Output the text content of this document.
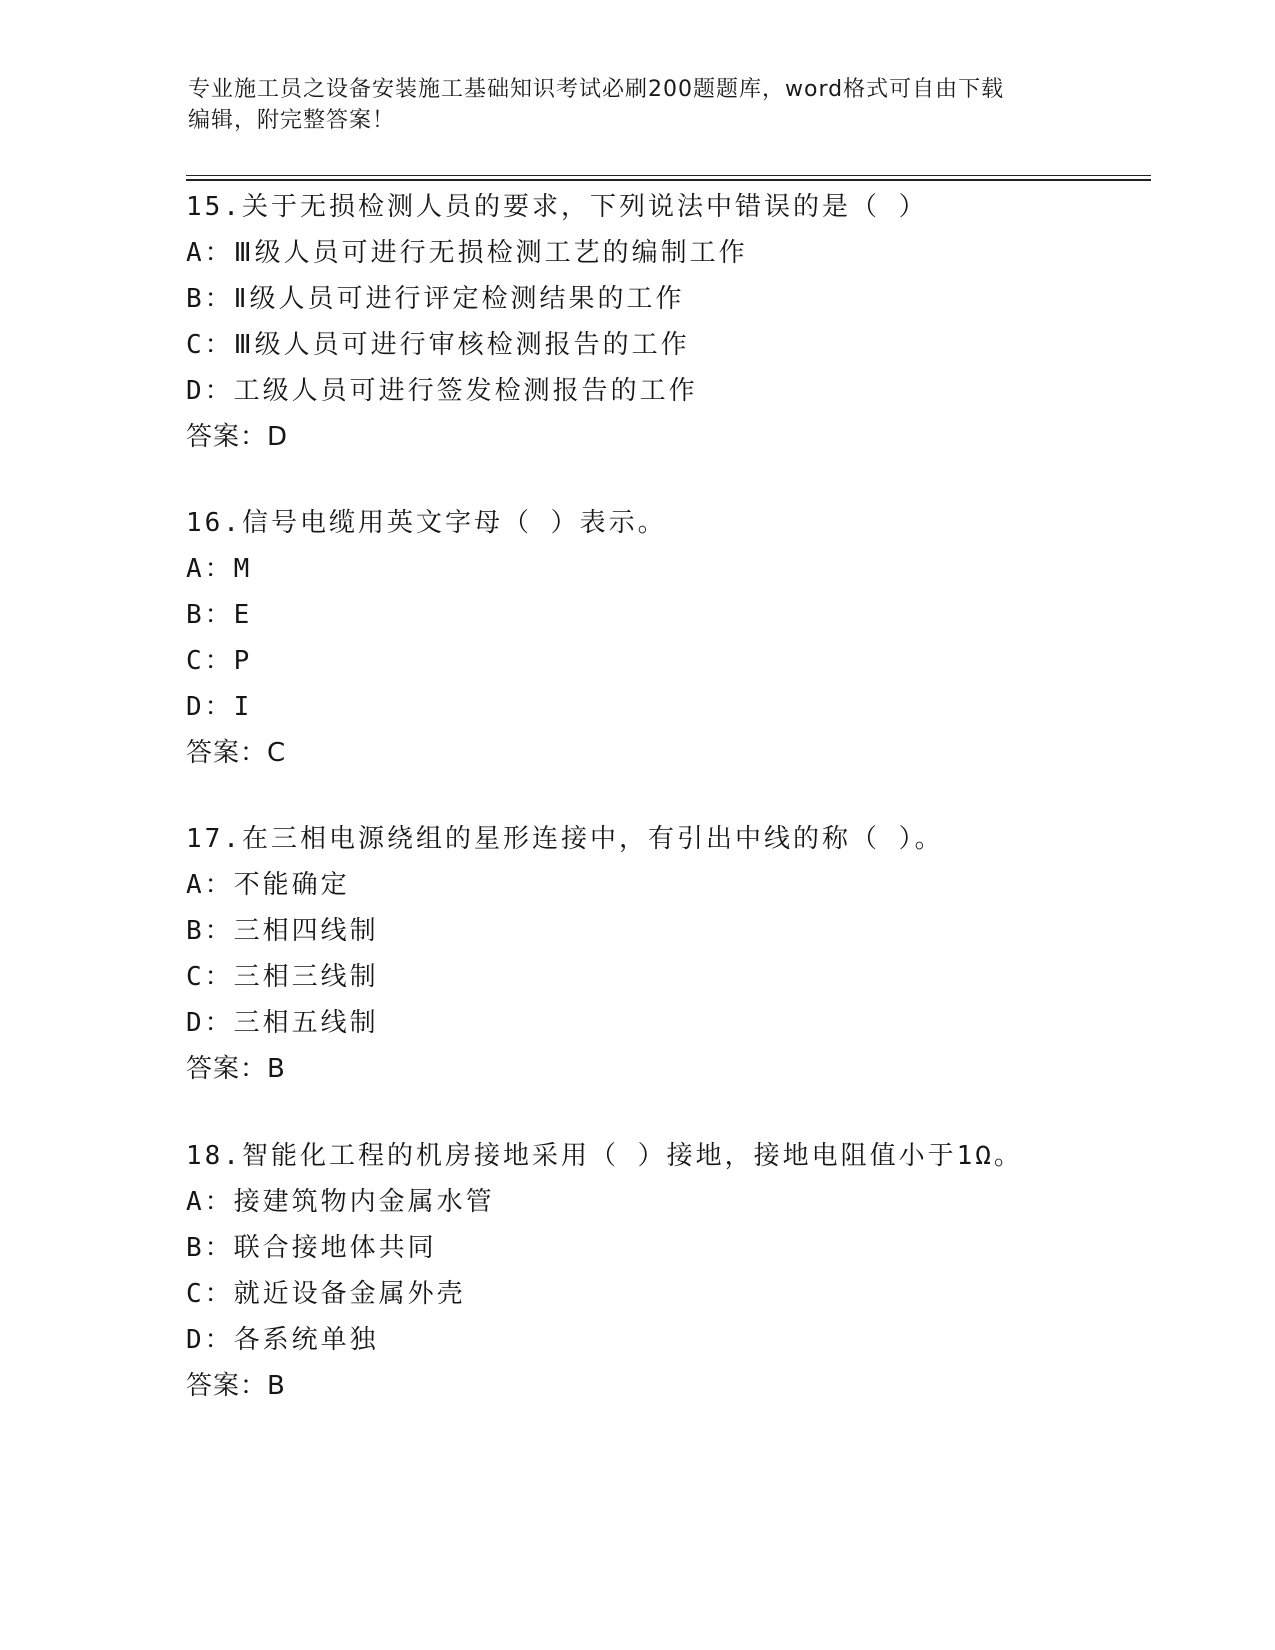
专业施工员之设备安装施工基础知识考试必刷200题题库，word格式可自由下载
编辑，附完整答案！
15.关于无损检测人员的要求，下列说法中错误的是（ ）
A：Ⅲ级人员可进行无损检测工艺的编制工作
B：Ⅱ级人员可进行评定检测结果的工作
C：Ⅲ级人员可进行审核检测报告的工作
D：工级人员可进行签发检测报告的工作
答案：D
16.信号电缆用英文字母（ ）表示。
A：M
B：E
C：P
D：I
答案：C
17.在三相电源绕组的星形连接中，有引出中线的称（ ）。
A：不能确定
B：三相四线制
C：三相三线制
D：三相五线制
答案：B
18.智能化工程的机房接地采用（ ）接地，接地电阻值小于1Ω。
A：接建筑物内金属水管
B：联合接地体共同
C：就近设备金属外壳
D：各系统单独
答案：B
